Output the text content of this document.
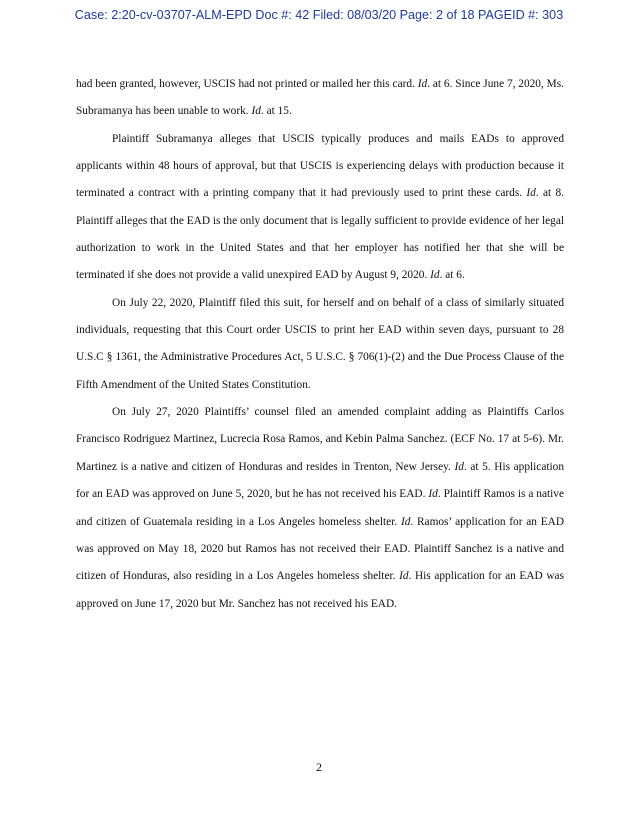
Case: 2:20-cv-03707-ALM-EPD Doc #: 42 Filed: 08/03/20 Page: 2 of 18 PAGEID #: 303

had been granted, however, USCIS had not printed or mailed her this card. Id. at 6. Since June 7, 2020, Ms. Subramanya has been unable to work. Id. at 15.

Plaintiff Subramanya alleges that USCIS typically produces and mails EADs to approved applicants within 48 hours of approval, but that USCIS is experiencing delays with production because it terminated a contract with a printing company that it had previously used to print these cards. Id. at 8. Plaintiff alleges that the EAD is the only document that is legally sufficient to provide evidence of her legal authorization to work in the United States and that her employer has notified her that she will be terminated if she does not provide a valid unexpired EAD by August 9, 2020. Id. at 6.

On July 22, 2020, Plaintiff filed this suit, for herself and on behalf of a class of similarly situated individuals, requesting that this Court order USCIS to print her EAD within seven days, pursuant to 28 U.S.C § 1361, the Administrative Procedures Act, 5 U.S.C. § 706(1)-(2) and the Due Process Clause of the Fifth Amendment of the United States Constitution.

On July 27, 2020 Plaintiffs’ counsel filed an amended complaint adding as Plaintiffs Carlos Francisco Rodriguez Martinez, Lucrecia Rosa Ramos, and Kebin Palma Sanchez. (ECF No. 17 at 5-6). Mr. Martinez is a native and citizen of Honduras and resides in Trenton, New Jersey. Id. at 5. His application for an EAD was approved on June 5, 2020, but he has not received his EAD. Id. Plaintiff Ramos is a native and citizen of Guatemala residing in a Los Angeles homeless shelter. Id. Ramos’ application for an EAD was approved on May 18, 2020 but Ramos has not received their EAD. Plaintiff Sanchez is a native and citizen of Honduras, also residing in a Los Angeles homeless shelter. Id. His application for an EAD was approved on June 17, 2020 but Mr. Sanchez has not received his EAD.

2
